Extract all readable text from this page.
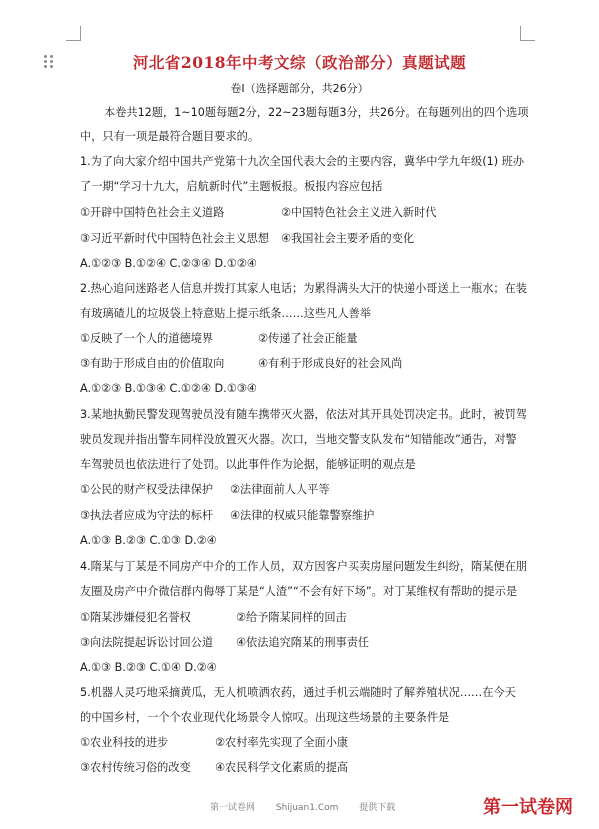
河北省2018年中考文综（政治部分）真题试题
卷Ⅰ（选择题部分，共26分）
本卷共12题，1~10题每题2分，22~23题每题3分，共26分。在每题列出的四个选项
中，只有一项是最符合题目要求的。
1.为了向大家介绍中国共产党第十九次全国代表大会的主要内容，冀华中学九年级(1) 班办
了一期“学习十九大，启航新时代”主题板报。板报内容应包括
①开辟中国特色社会主义道路	②中国特色社会主义进入新时代
③习近平新时代中国特色社会主义思想 ④我国社会主要矛盾的变化
A.①②③ B.①②④ C.②③④ D.①②④
2.热心追问迷路老人信息并拨打其家人电话；为累得满头大汗的快递小哥送上一瓶水；在装
有玻璃碴儿的垃圾袋上特意贴上提示纸条……这些凡人善举
①反映了一个人的道德境界	②传递了社会正能量
③有助于形成自由的价值取向	④有利于形成良好的社会风尚
A.①②③ B.①③④ C.①②④ D.①③④
3.某地执勤民警发现驾驶员没有随车携带灭火器，依法对其开具处罚决定书。此时，被罚驾
驶员发现并指出警车同样没放置灭火器。次口，当地交警支队发布“知错能改”通告，对警
车驾驶员也依法进行了处罚。以此事件作为论据，能够证明的观点是
①公民的财产权受法律保护 ②法律面前人人平等
③执法者应成为守法的标杆 ④法律的权威只能靠警察维护
A.①③ B.②③ C.①③ D.②④
4.隋某与丁某是不同房产中介的工作人员，双方因客户买卖房屋问题发生纠纷，隋某便在朋
友圈及房产中介微信群内侮辱丁某是“人渣”“不会有好下场”。对丁某维权有帮助的提示是
①隋某涉嫌侵犯名誉权	②给予隋某同样的回击
③向法院提起诉讼讨回公道 ④依法追究隋某的刑事责任
A.①③ B.②③ C.①④ D.②④
5.机器人灵巧地采摘黄瓜，无人机喷洒农药，通过手机云端随时了解养殖状况……在今天
的中国乡村，一个个农业现代化场景令人惊叹。出现这些场景的主要条件是
①农业科技的进步	②农村率先实现了全面小康
③农村传统习俗的改变 ④农民科学文化素质的提高
第一试卷网 Shijuan1.Com 提供下载	第一试卷网
